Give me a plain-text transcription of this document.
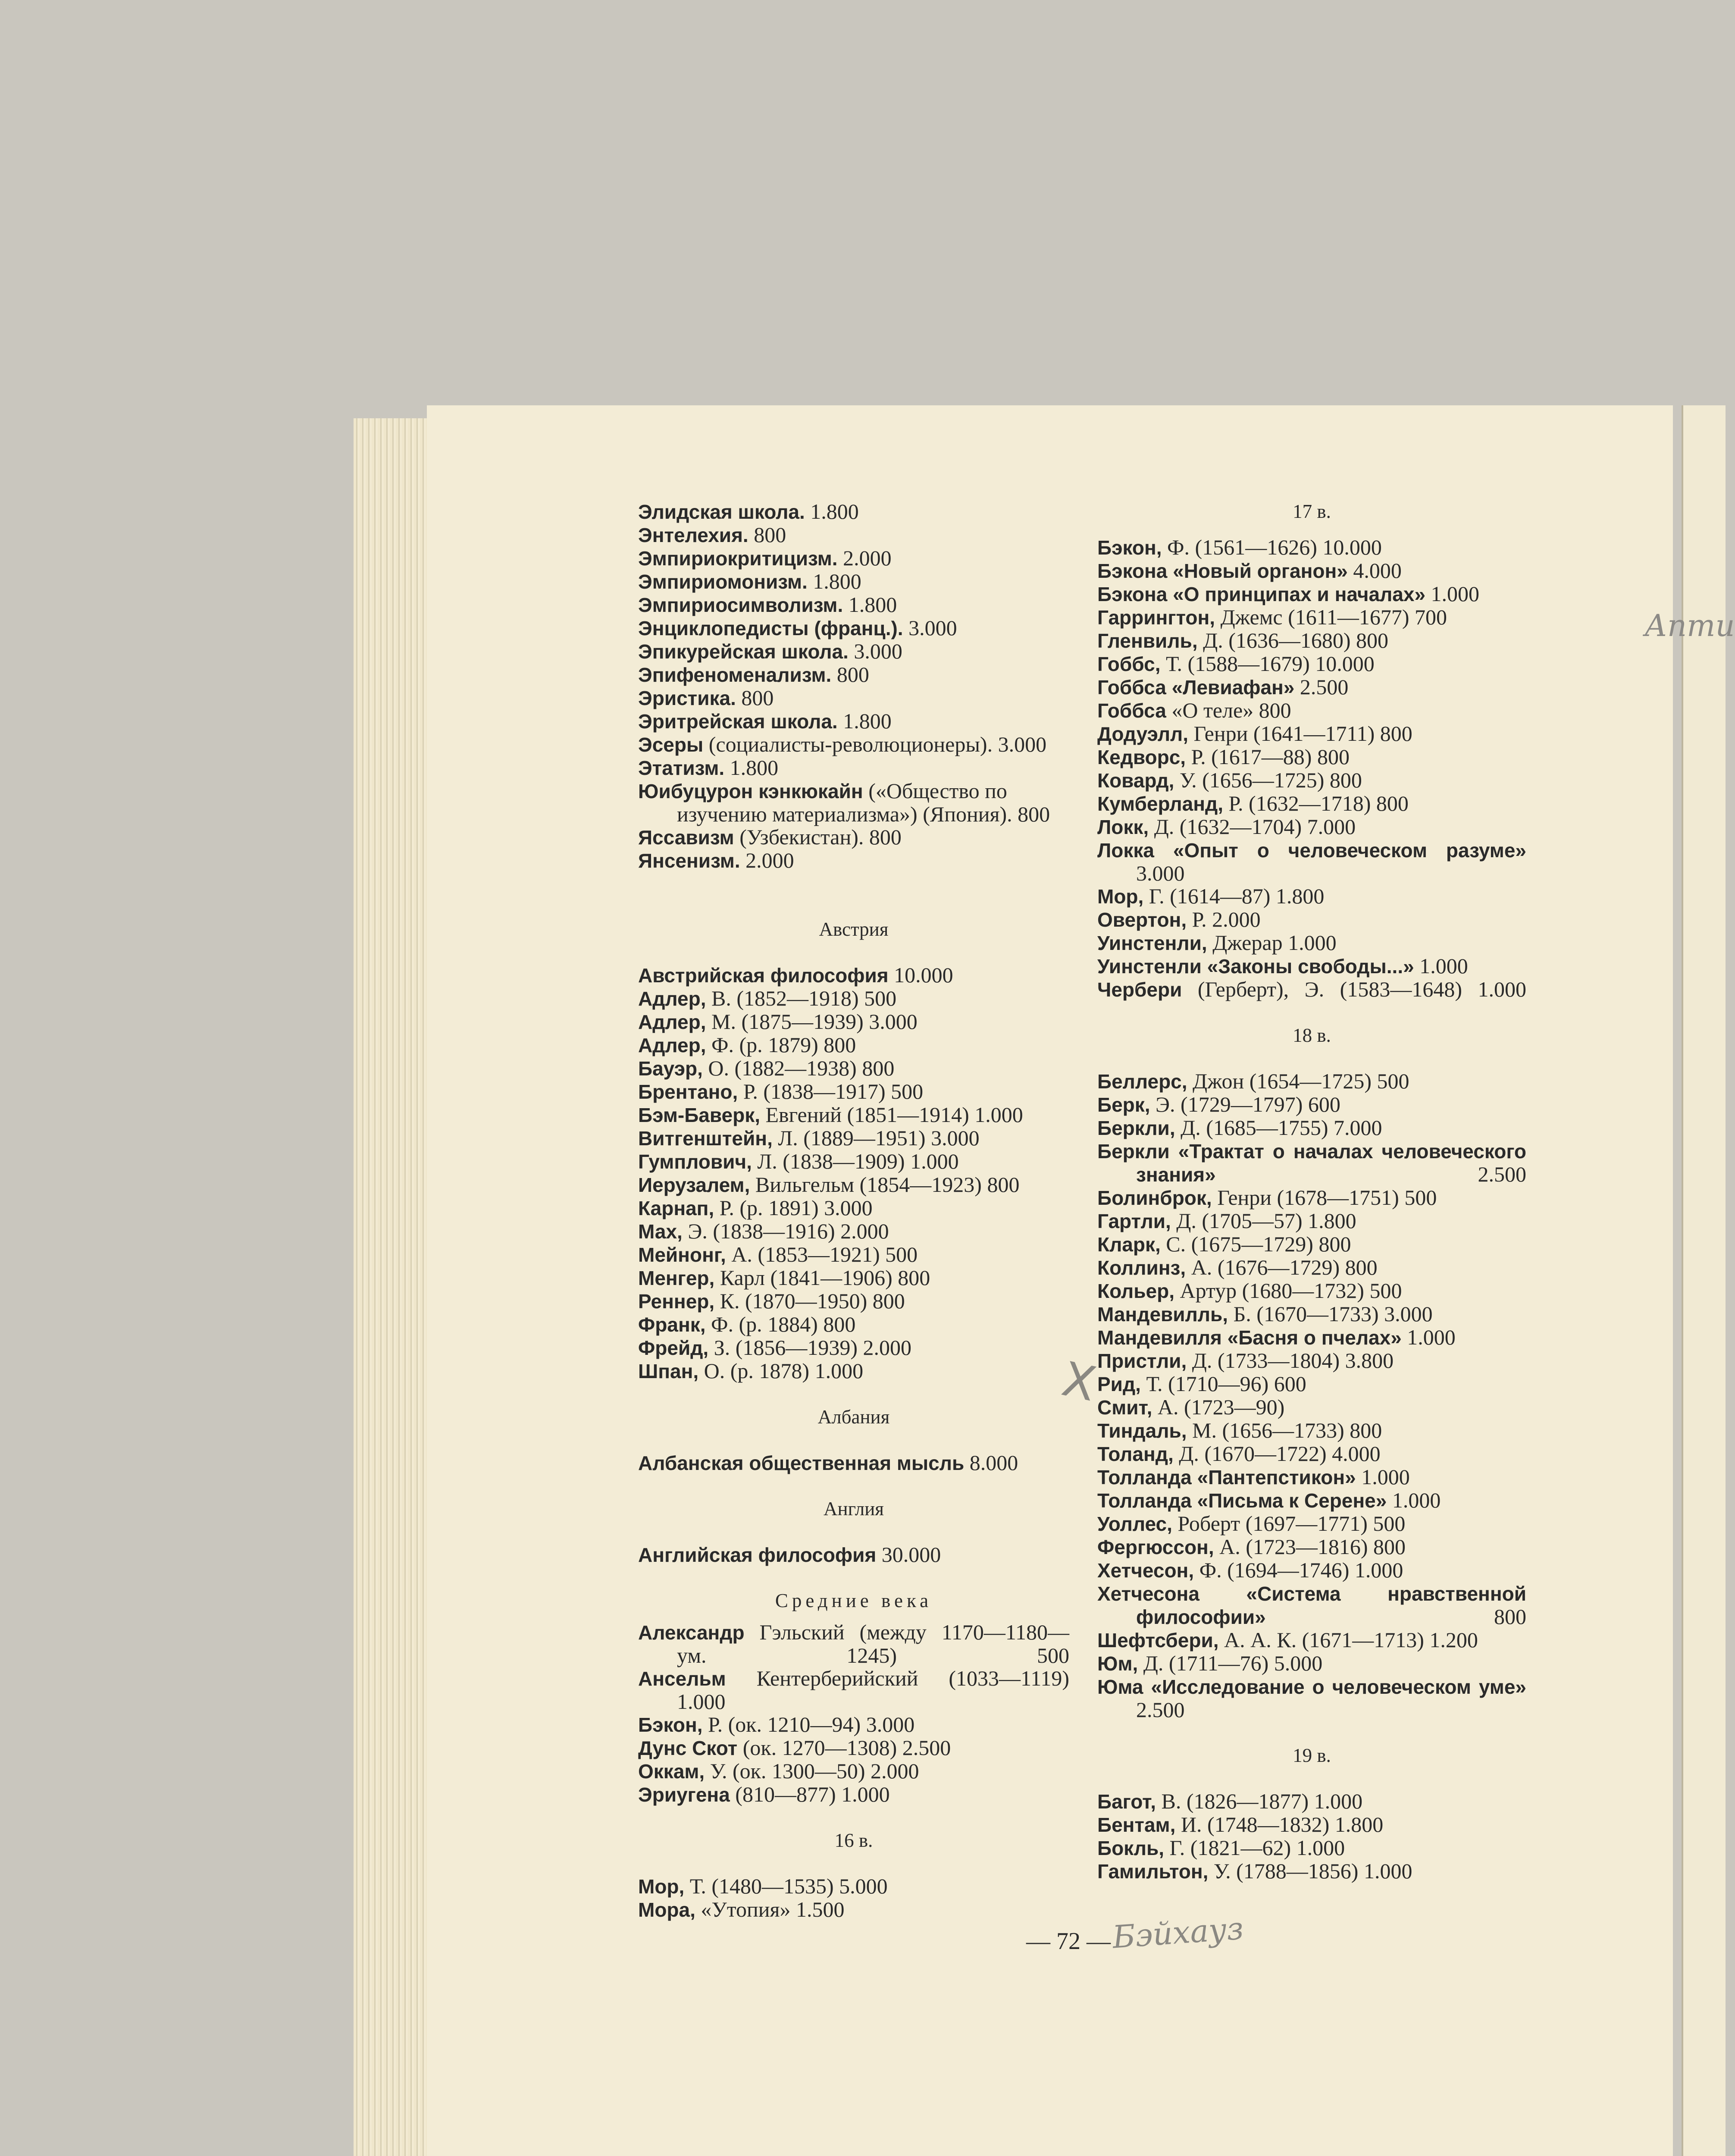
Апти

Элидская школа. 1.800

Энтелехия. 800

Эмпириокритицизм. 2.000

Эмпириомонизм. 1.800

Эмпириосимволизм. 1.800

Энциклопедисты (франц.). 3.000

Эпикурейская школа. 3.000

Эпифеноменализм. 800

Эристика. 800

Эритрейская школа. 1.800

Эсеры (социалисты-революционеры). 3.000

Этатизм. 1.800

Юибуцурон кэнкюкайн («Общество по изучению материализма») (Япония). 800

Яссавизм (Узбекистан). 800

Янсенизм. 2.000

Австрия

Австрийская философия 10.000

Адлер, В. (1852—1918) 500

Адлер, М. (1875—1939) 3.000

Адлер, Ф. (р. 1879) 800

Бауэр, О. (1882—1938) 800

Брентано, Р. (1838—1917) 500

Бэм-Баверк, Евгений (1851—1914) 1.000

Витгенштейн, Л. (1889—1951) 3.000

Гумплович, Л. (1838—1909) 1.000

Иерузалем, Вильгельм (1854—1923) 800

Карнап, Р. (р. 1891) 3.000

Мах, Э. (1838—1916) 2.000

Мейнонг, А. (1853—1921) 500

Менгер, Карл (1841—1906) 800

Реннер, К. (1870—1950) 800

Франк, Ф. (р. 1884) 800

Фрейд, З. (1856—1939) 2.000

Шпан, О. (р. 1878) 1.000

Албания

Албанская общественная мысль 8.000

Англия

Английская философия 30.000

Средние века

Александр Гэльский (между 1170—1180—ум. 1245) 500

Ансельм Кентерберийский (1033—1119) 1.000

Бэкон, Р. (ок. 1210—94) 3.000

Дунс Скот (ок. 1270—1308) 2.500

Оккам, У. (ок. 1300—50) 2.000

Эриугена (810—877) 1.000

16 в.

Мор, Т. (1480—1535) 5.000

Мора, «Утопия» 1.500

17 в.

Бэкон, Ф. (1561—1626) 10.000

Бэкона «Новый органон» 4.000

Бэкона «О принципах и началах» 1.000

Гаррингтон, Джемс (1611—1677) 700

Гленвиль, Д. (1636—1680) 800

Гоббс, Т. (1588—1679) 10.000

Гоббса «Левиафан» 2.500

Гоббса «О теле» 800

Додуэлл, Генри (1641—1711) 800

Кедворс, Р. (1617—88) 800

Ковард, У. (1656—1725) 800

Кумберланд, Р. (1632—1718) 800

Локк, Д. (1632—1704) 7.000

Локка «Опыт о человеческом разуме» 3.000

Мор, Г. (1614—87) 1.800

Овертон, Р. 2.000

Уинстенли, Джерар 1.000

Уинстенли «Законы свободы...» 1.000

Чербери (Герберт), Э. (1583—1648) 1.000

18 в.

Беллерс, Джон (1654—1725) 500

Берк, Э. (1729—1797) 600

Беркли, Д. (1685—1755) 7.000

Беркли «Трактат о началах человеческого знания» 2.500

Болинброк, Генри (1678—1751) 500

Гартли, Д. (1705—57) 1.800

Кларк, С. (1675—1729) 800

Коллинз, А. (1676—1729) 800

Кольер, Артур (1680—1732) 500

Мандевилль, Б. (1670—1733) 3.000

Мандевилля «Басня о пчелах» 1.000

Пристли, Д. (1733—1804) 3.800

Рид, Т. (1710—96) 600

Смит, А. (1723—90)

Тиндаль, М. (1656—1733) 800

Толанд, Д. (1670—1722) 4.000

Толланда «Пантепстикон» 1.000

Толланда «Письма к Серене» 1.000

Уоллес, Роберт (1697—1771) 500

Фергюссон, А. (1723—1816) 800

Хетчесон, Ф. (1694—1746) 1.000

Хетчесона «Система нравственной философии» 800

Шефтсбери, А. А. К. (1671—1713) 1.200

Юм, Д. (1711—76) 5.000

Юма «Исследование о человеческом уме» 2.500

19 в.

Багот, В. (1826—1877) 1.000

Бентам, И. (1748—1832) 1.800

Бокль, Г. (1821—62) 1.000

Гамильтон, У. (1788—1856) 1.000

X
— 72 — Бэйхауз
